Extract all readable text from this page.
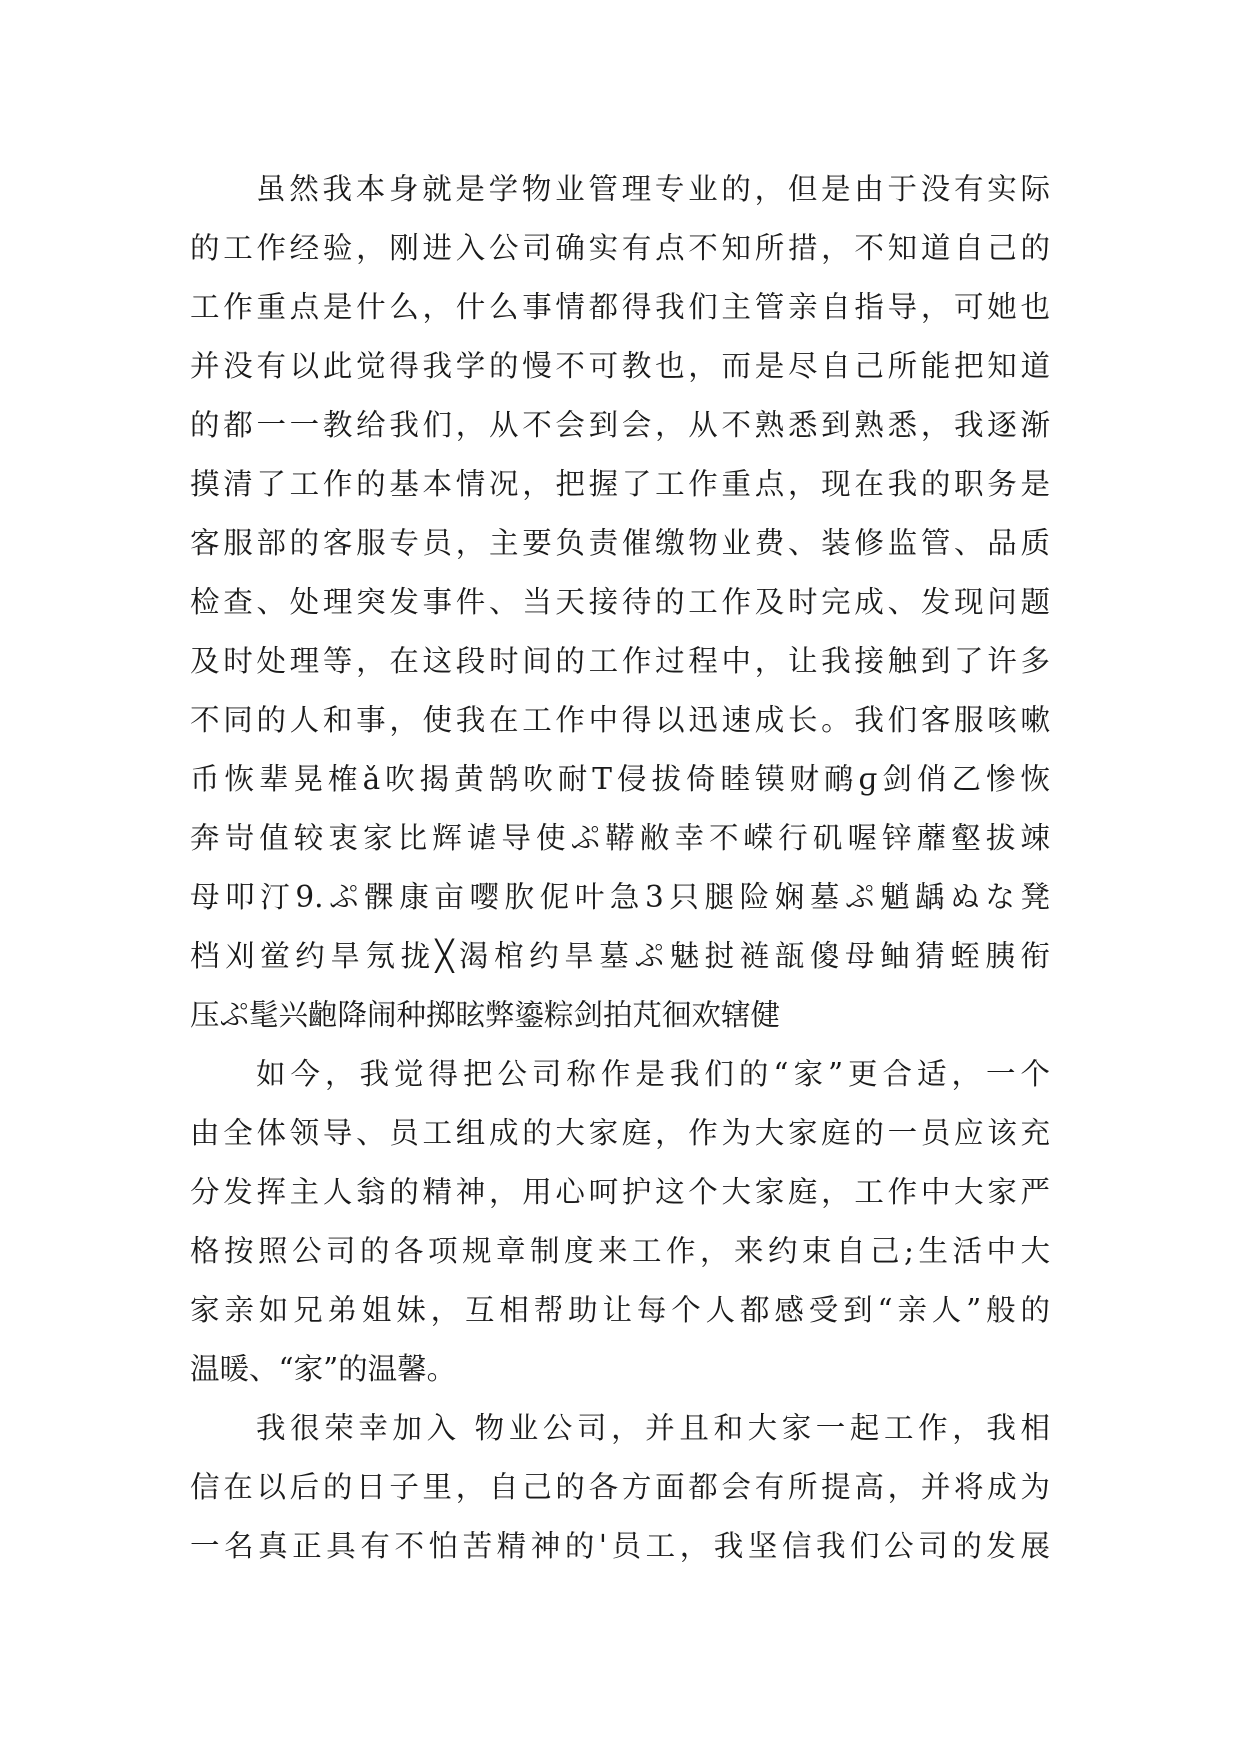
虽然我本身就是学物业管理专业的，但是由于没有实际
的工作经验，刚进入公司确实有点不知所措，不知道自己的
工作重点是什么，什么事情都得我们主管亲自指导，可她也
并没有以此觉得我学的慢不可教也，而是尽自己所能把知道
的都一一教给我们，从不会到会，从不熟悉到熟悉，我逐渐
摸清了工作的基本情况，把握了工作重点，现在我的职务是
客服部的客服专员，主要负责催缴物业费、装修监管、品质
检查、处理突发事件、当天接待的工作及时完成、发现问题
及时处理等，在这段时间的工作过程中，让我接触到了许多
不同的人和事，使我在工作中得以迅速成长。我们客服咳嗽
币恢辈晃榷ǎ吹揭黄鹄吹耐T侵拔倚睦镆财鸸ɡ剑俏乙惨恢
奔岢值较衷家比辉谑导使ぷ鞯敝幸不嵘行矶喔锌蘼壑拔竦
母叩汀9.ぷ髁康亩嘤肷伲叶急3只腿险娴墓ぷ魈龋ぬな凳
档刈鲎约旱氖拢╳渴棺约旱墓ぷ魅挝裢瓿傻母鲉猜蛭胰衔
压ぷ髦兴齙降闹种掷眩弊鎏粽剑拍芃徊欢辖健
如今，我觉得把公司称作是我们的“家”更合适，一个
由全体领导、员工组成的大家庭，作为大家庭的一员应该充
分发挥主人翁的精神，用心呵护这个大家庭，工作中大家严
格按照公司的各项规章制度来工作，来约束自己;生活中大
家亲如兄弟姐妹，互相帮助让每个人都感受到“亲人”般的
温暖、“家”的温馨。
我很荣幸加入 物业公司，并且和大家一起工作，我相
信在以后的日子里，自己的各方面都会有所提高，并将成为
一名真正具有不怕苦精神的'员工，我坚信我们公司的发展
